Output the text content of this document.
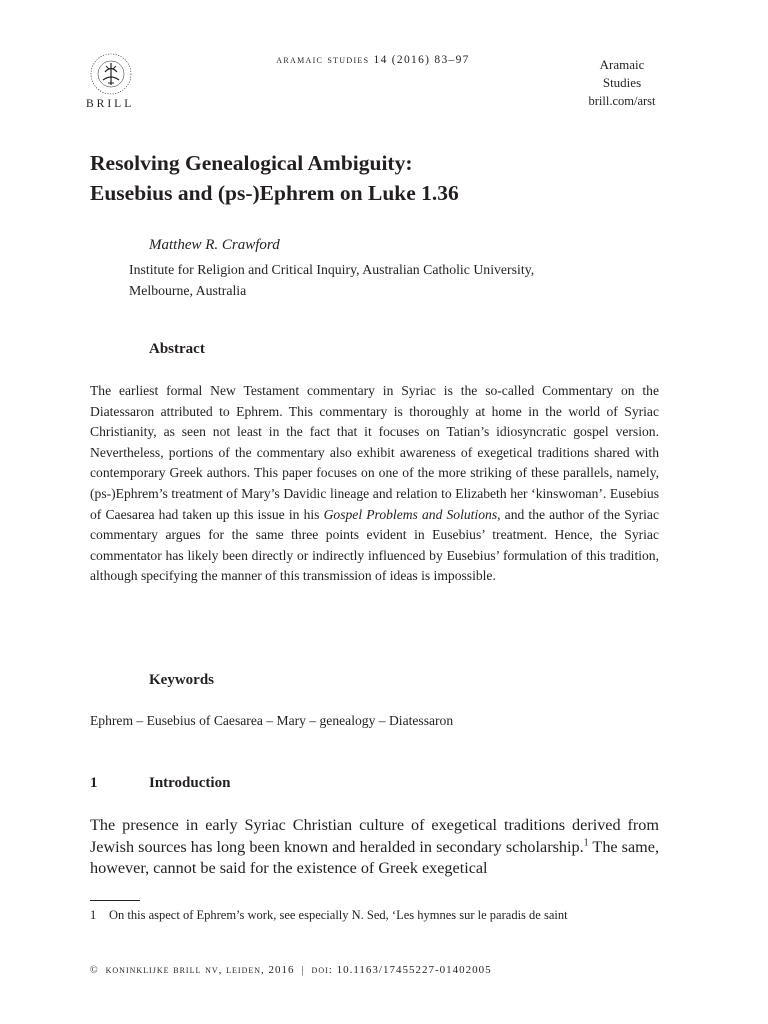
BRILL
aramaic studies 14 (2016) 83–97	Aramaic
Studies
brill.com/arst
Resolving Genealogical Ambiguity:
Eusebius and (ps-)Ephrem on Luke 1.36
Matthew R. Crawford
Institute for Religion and Critical Inquiry, Australian Catholic University,
Melbourne, Australia
Abstract
The earliest formal New Testament commentary in Syriac is the so-called Commentary on the Diatessaron attributed to Ephrem. This commentary is thoroughly at home in the world of Syriac Christianity, as seen not least in the fact that it focuses on Tatian’s idiosyncratic gospel version. Nevertheless, portions of the commentary also exhibit awareness of exegetical traditions shared with contemporary Greek authors. This paper focuses on one of the more striking of these parallels, namely, (ps-)Ephrem’s treatment of Mary’s Davidic lineage and relation to Elizabeth her ‘kinswoman’. Eusebius of Caesarea had taken up this issue in his Gospel Problems and Solutions, and the author of the Syriac commentary argues for the same three points evident in Eusebius’ treatment. Hence, the Syriac commentator has likely been directly or indirectly influenced by Eusebius’ formulation of this tradition, although specifying the manner of this transmission of ideas is impossible.
Keywords
Ephrem – Eusebius of Caesarea – Mary – genealogy – Diatessaron
1	Introduction
The presence in early Syriac Christian culture of exegetical traditions derived from Jewish sources has long been known and heralded in secondary scholarship.$^1$ The same, however, cannot be said for the existence of Greek exegetical
1 On this aspect of Ephrem’s work, see especially N. Sed, ‘Les hymnes sur le paradis de saint
© koninklijke brill nv, leiden, 2016 | doi: 10.1163/17455227-01402005
